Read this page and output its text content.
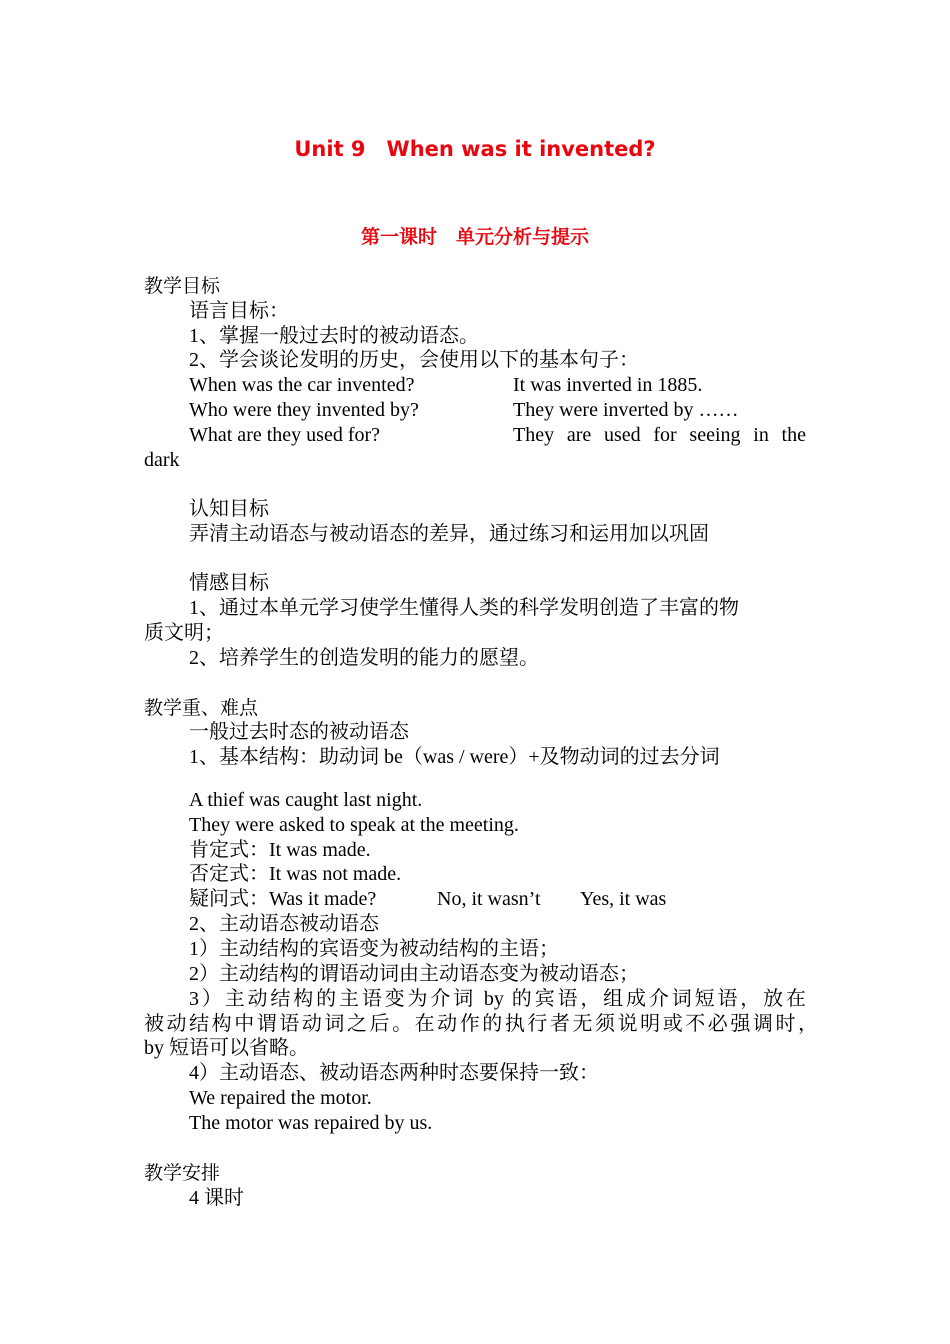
Unit 9　When was it invented?
第一课时　单元分析与提示
教学目标
语言目标：
1、掌握一般过去时的被动语态。
2、学会谈论发明的历史，会使用以下的基本句子：
When was the car invented?	It was inverted in 1885.
Who were they invented by?	They were inverted by ……
What are they used for?	They are used for seeing in the
dark
认知目标
弄清主动语态与被动语态的差异，通过练习和运用加以巩固
情感目标
1、通过本单元学习使学生懂得人类的科学发明创造了丰富的物
质文明；
2、培养学生的创造发明的能力的愿望。
教学重、难点
一般过去时态的被动语态
1、基本结构：助动词 be（was / were）+及物动词的过去分词
A thief was caught last night.
They were asked to speak at the meeting.
肯定式：It was made.
否定式：It was not made.
疑问式：Was it made?	No, it wasn’t Yes, it was
2、主动语态被动语态
1）主动结构的宾语变为被动结构的主语；
2）主动结构的谓语动词由主动语态变为被动语态；
3）主动结构的主语变为介词 by 的宾语，组成介词短语，放在
被动结构中谓语动词之后。在动作的执行者无须说明或不必强调时，
by 短语可以省略。
4）主动语态、被动语态两种时态要保持一致：
We repaired the motor.
The motor was repaired by us.
教学安排
4 课时
